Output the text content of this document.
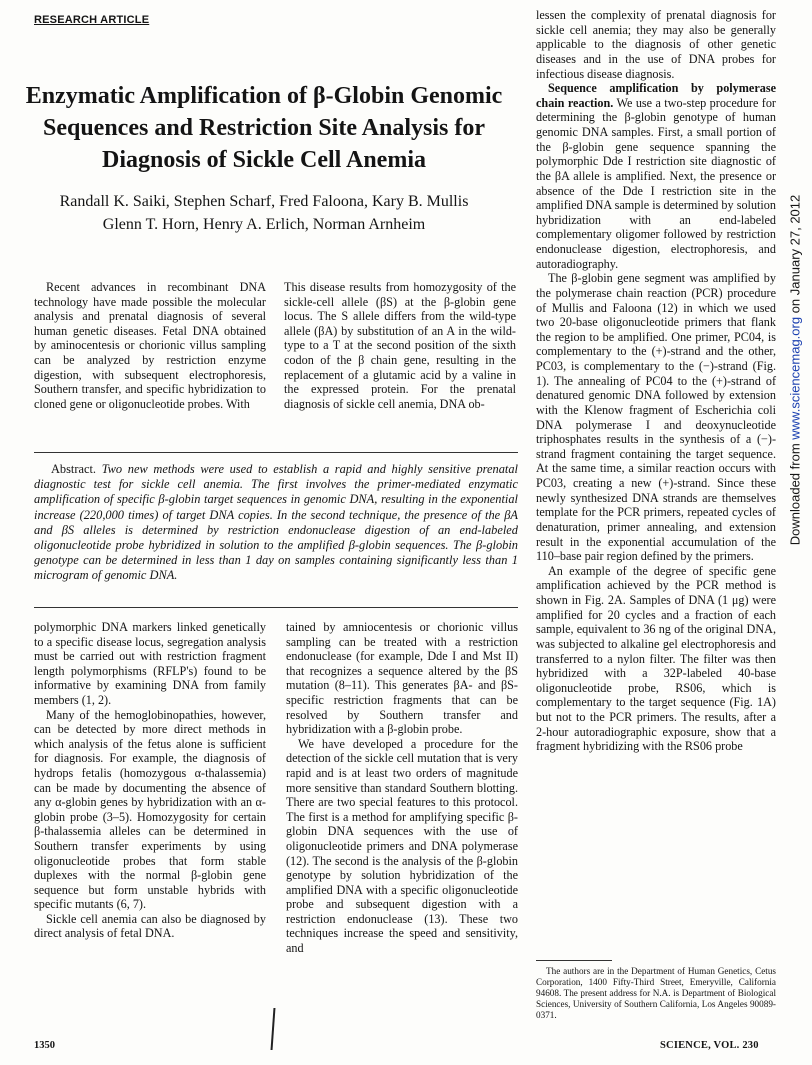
RESEARCH ARTICLE
Enzymatic Amplification of β-Globin Genomic Sequences and Restriction Site Analysis for Diagnosis of Sickle Cell Anemia
Randall K. Saiki, Stephen Scharf, Fred Faloona, Kary B. Mullis
Glenn T. Horn, Henry A. Erlich, Norman Arnheim

Recent advances in recombinant DNA technology have made possible the molecular analysis and prenatal diagnosis of several human genetic diseases. Fetal DNA obtained by aminocentesis or chorionic villus sampling can be analyzed by restriction enzyme digestion, with subsequent electrophoresis, Southern transfer, and specific hybridization to cloned gene or oligonucleotide probes. With

This disease results from homozygosity of the sickle-cell allele (βS) at the β-globin gene locus. The S allele differs from the wild-type allele (βA) by substitution of an A in the wild-type to a T at the second position of the sixth codon of the β chain gene, resulting in the replacement of a glutamic acid by a valine in the expressed protein. For the prenatal diagnosis of sickle cell anemia, DNA ob-

Abstract. Two new methods were used to establish a rapid and highly sensitive prenatal diagnostic test for sickle cell anemia. The first involves the primer-mediated enzymatic amplification of specific β-globin target sequences in genomic DNA, resulting in the exponential increase (220,000 times) of target DNA copies. In the second technique, the presence of the βA and βS alleles is determined by restriction endonuclease digestion of an end-labeled oligonucleotide probe hybridized in solution to the amplified β-globin sequences. The β-globin genotype can be determined in less than 1 day on samples containing significantly less than 1 microgram of genomic DNA.

polymorphic DNA markers linked genetically to a specific disease locus, segregation analysis must be carried out with restriction fragment length polymorphisms (RFLP's) found to be informative by examining DNA from family members (1, 2).

Many of the hemoglobinopathies, however, can be detected by more direct methods in which analysis of the fetus alone is sufficient for diagnosis. For example, the diagnosis of hydrops fetalis (homozygous α-thalassemia) can be made by documenting the absence of any α-globin genes by hybridization with an α-globin probe (3–5). Homozygosity for certain β-thalassemia alleles can be determined in Southern transfer experiments by using oligonucleotide probes that form stable duplexes with the normal β-globin gene sequence but form unstable hybrids with specific mutants (6, 7).

Sickle cell anemia can also be diagnosed by direct analysis of fetal DNA.

tained by amniocentesis or chorionic villus sampling can be treated with a restriction endonuclease (for example, Dde I and Mst II) that recognizes a sequence altered by the βS mutation (8–11). This generates βA- and βS-specific restriction fragments that can be resolved by Southern transfer and hybridization with a β-globin probe.

We have developed a procedure for the detection of the sickle cell mutation that is very rapid and is at least two orders of magnitude more sensitive than standard Southern blotting. There are two special features to this protocol. The first is a method for amplifying specific β-globin DNA sequences with the use of oligonucleotide primers and DNA polymerase (12). The second is the analysis of the β-globin genotype by solution hybridization of the amplified DNA with a specific oligonucleotide probe and subsequent digestion with a restriction endonuclease (13). These two techniques increase the speed and sensitivity, and

lessen the complexity of prenatal diagnosis for sickle cell anemia; they may also be generally applicable to the diagnosis of other genetic diseases and in the use of DNA probes for infectious disease diagnosis.

Sequence amplification by polymerase chain reaction. We use a two-step procedure for determining the β-globin genotype of human genomic DNA samples. First, a small portion of the β-globin gene sequence spanning the polymorphic Dde I restriction site diagnostic of the βA allele is amplified. Next, the presence or absence of the Dde I restriction site in the amplified DNA sample is determined by solution hybridization with an end-labeled complementary oligomer followed by restriction endonuclease digestion, electrophoresis, and autoradiography.

The β-globin gene segment was amplified by the polymerase chain reaction (PCR) procedure of Mullis and Faloona (12) in which we used two 20-base oligonucleotide primers that flank the region to be amplified. One primer, PC04, is complementary to the (+)-strand and the other, PC03, is complementary to the (−)-strand (Fig. 1). The annealing of PC04 to the (+)-strand of denatured genomic DNA followed by extension with the Klenow fragment of Escherichia coli DNA polymerase I and deoxynucleotide triphosphates results in the synthesis of a (−)-strand fragment containing the target sequence. At the same time, a similar reaction occurs with PC03, creating a new (+)-strand. Since these newly synthesized DNA strands are themselves template for the PCR primers, repeated cycles of denaturation, primer annealing, and extension result in the exponential accumulation of the 110–base pair region defined by the primers.

An example of the degree of specific gene amplification achieved by the PCR method is shown in Fig. 2A. Samples of DNA (1 μg) were amplified for 20 cycles and a fraction of each sample, equivalent to 36 ng of the original DNA, was subjected to alkaline gel electrophoresis and transferred to a nylon filter. The filter was then hybridized with a 32P-labeled 40-base oligonucleotide probe, RS06, which is complementary to the target sequence (Fig. 1A) but not to the PCR primers. The results, after a 2-hour autoradiographic exposure, show that a fragment hybridizing with the RS06 probe

The authors are in the Department of Human Genetics, Cetus Corporation, 1400 Fifty-Third Street, Emeryville, California 94608. The present address for N.A. is Department of Biological Sciences, University of Southern California, Los Angeles 90089-0371.

1350	SCIENCE, VOL. 230
Downloaded from www.sciencemag.org on January 27, 2012
